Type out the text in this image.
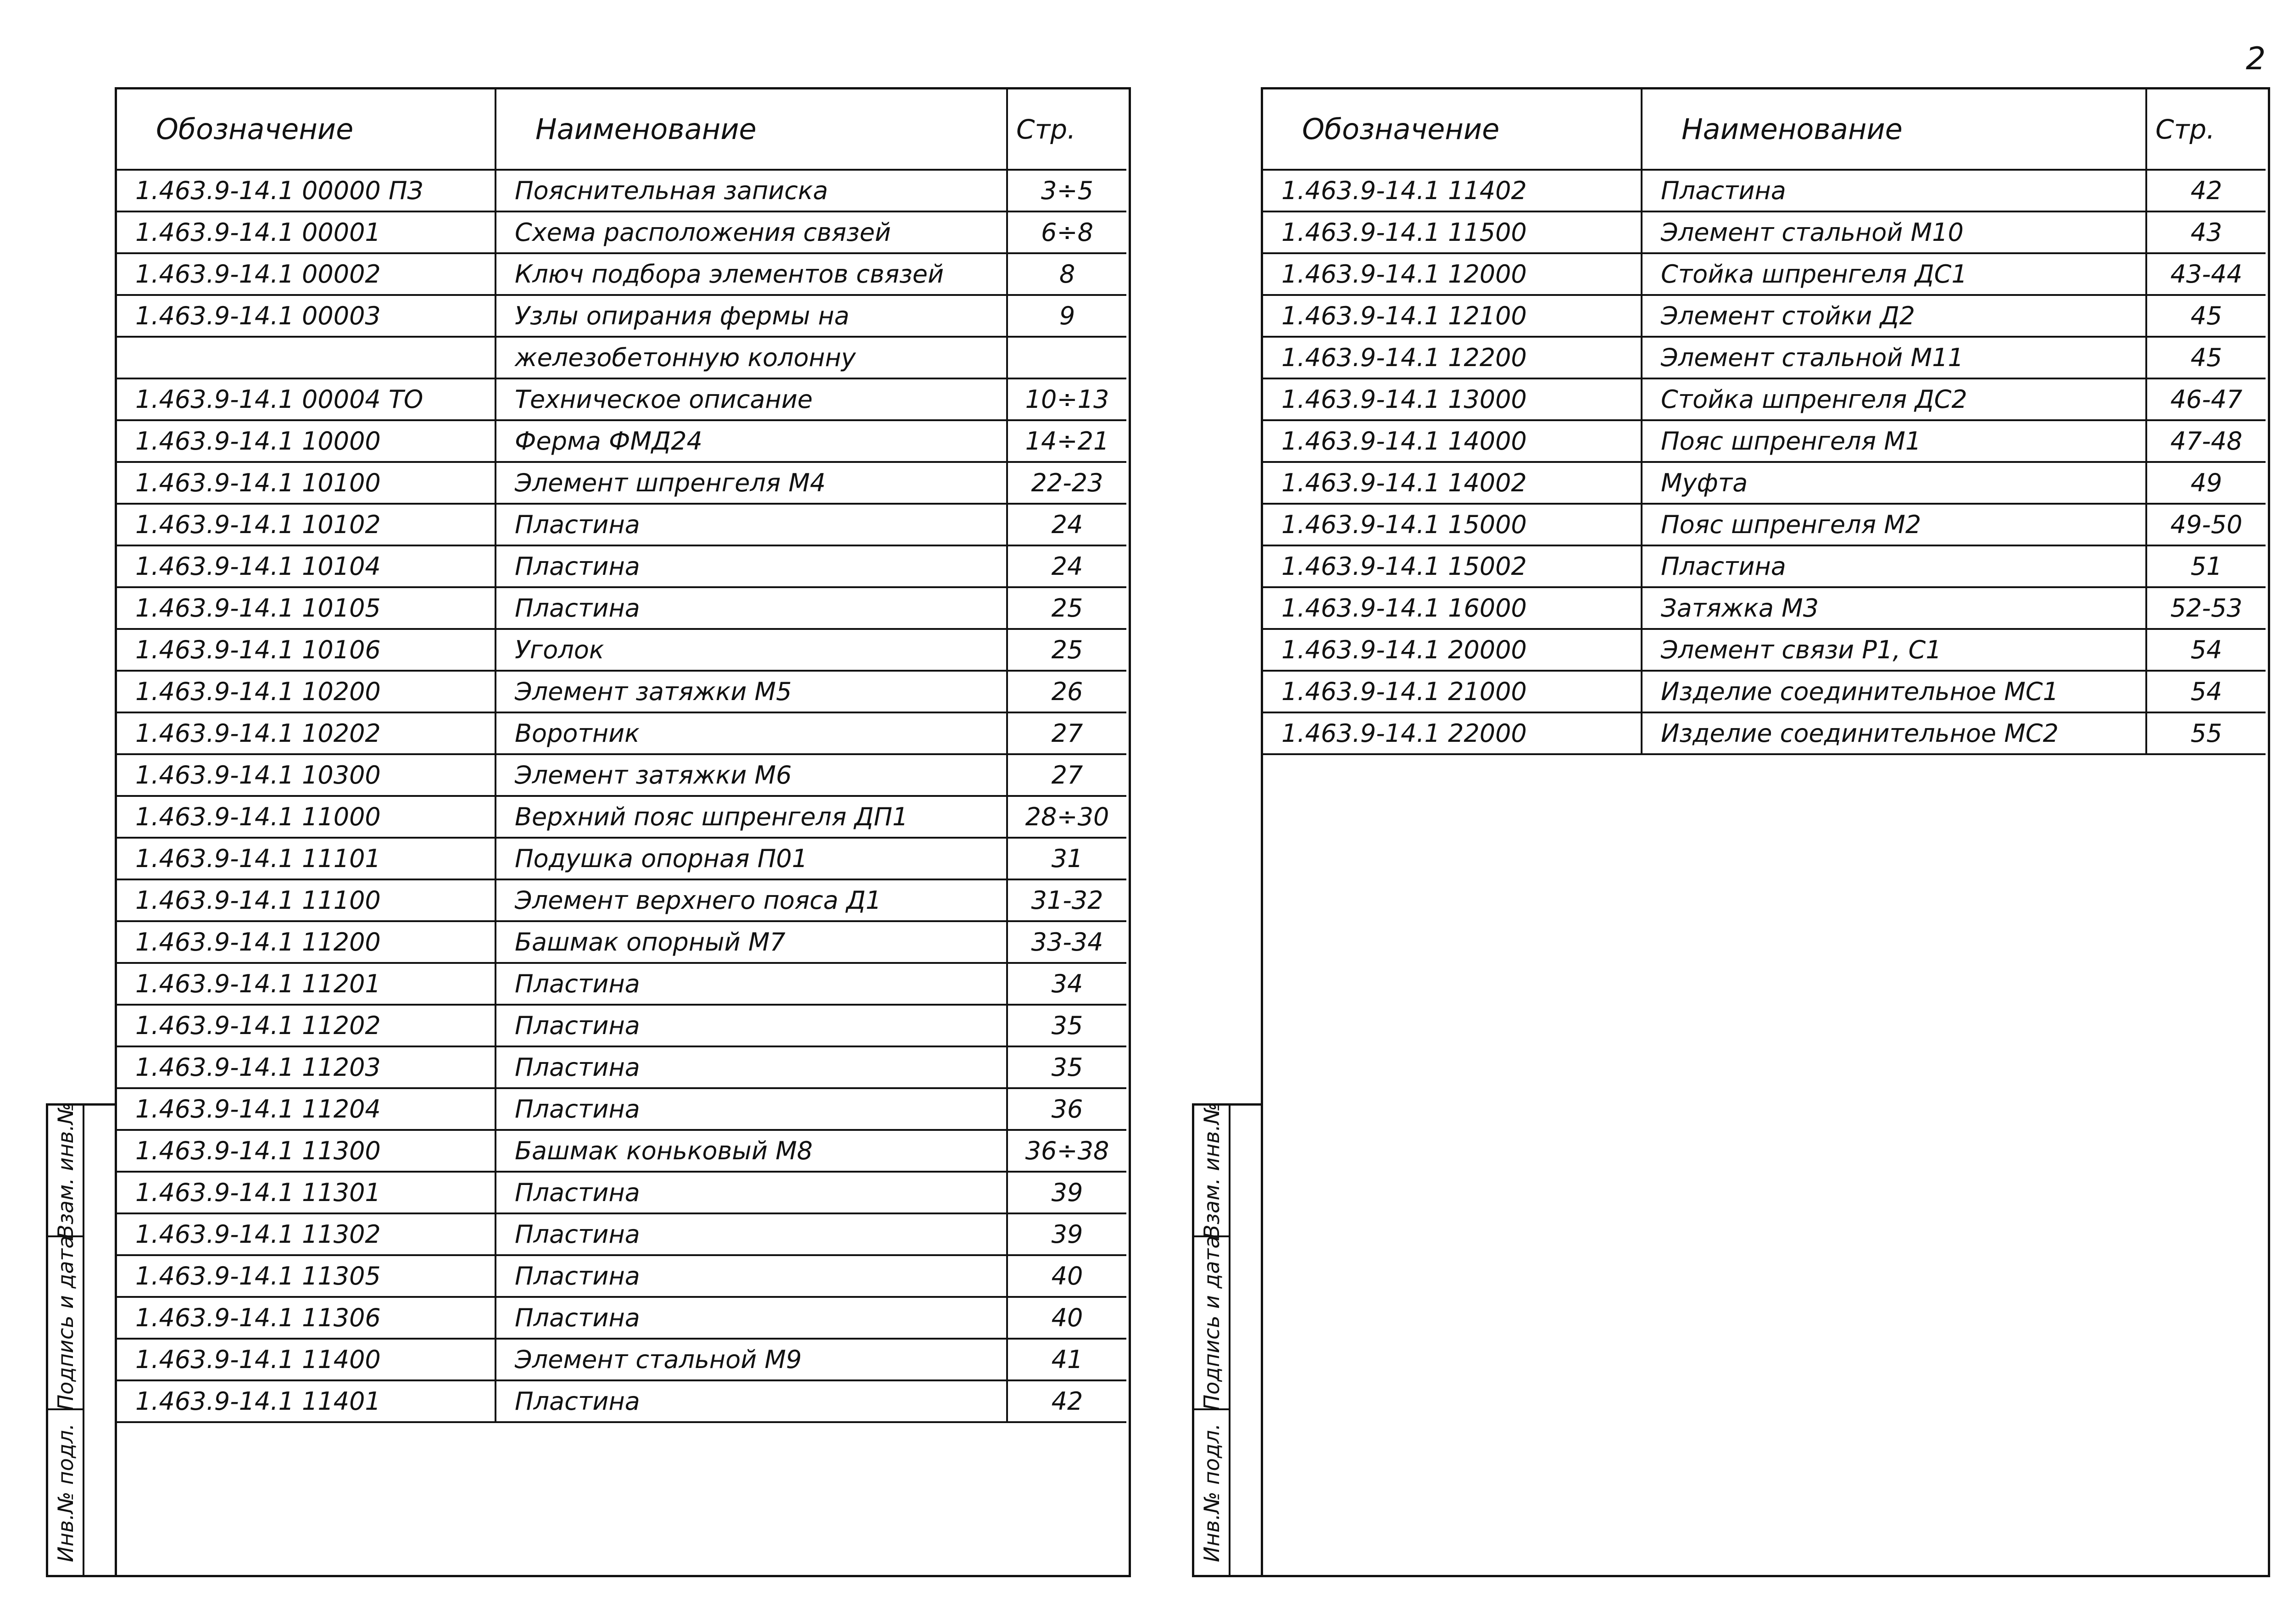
2
Обозначение	Наименование	Стр.
1.463.9-14.1 00000 ПЗ	Пояснительная записка	3÷5
1.463.9-14.1 00001	Схема расположения связей	6÷8
1.463.9-14.1 00002	Ключ подбора элементов связей	8
1.463.9-14.1 00003	Узлы опирания фермы на	9
	железобетонную колонну	
1.463.9-14.1 00004 ТО	Техническое описание	10÷13
1.463.9-14.1 10000	Ферма ФМД24	14÷21
1.463.9-14.1 10100	Элемент шпренгеля М4	22-23
1.463.9-14.1 10102	Пластина	24
1.463.9-14.1 10104	Пластина	24
1.463.9-14.1 10105	Пластина	25
1.463.9-14.1 10106	Уголок	25
1.463.9-14.1 10200	Элемент затяжки М5	26
1.463.9-14.1 10202	Воротник	27
1.463.9-14.1 10300	Элемент затяжки М6	27
1.463.9-14.1 11000	Верхний пояс шпренгеля ДП1	28÷30
1.463.9-14.1 11101	Подушка опорная П01	31
1.463.9-14.1 11100	Элемент верхнего пояса Д1	31-32
1.463.9-14.1 11200	Башмак опорный М7	33-34
1.463.9-14.1 11201	Пластина	34
1.463.9-14.1 11202	Пластина	35
1.463.9-14.1 11203	Пластина	35
1.463.9-14.1 11204	Пластина	36
1.463.9-14.1 11300	Башмак коньковый М8	36÷38
1.463.9-14.1 11301	Пластина	39
1.463.9-14.1 11302	Пластина	39
1.463.9-14.1 11305	Пластина	40
1.463.9-14.1 11306	Пластина	40
1.463.9-14.1 11400	Элемент стальной М9	41
1.463.9-14.1 11401	Пластина	42
Обозначение	Наименование	Стр.
1.463.9-14.1 11402	Пластина	42
1.463.9-14.1 11500	Элемент стальной М10	43
1.463.9-14.1 12000	Стойка шпренгеля ДС1	43-44
1.463.9-14.1 12100	Элемент стойки Д2	45
1.463.9-14.1 12200	Элемент стальной М11	45
1.463.9-14.1 13000	Стойка шпренгеля ДС2	46-47
1.463.9-14.1 14000	Пояс шпренгеля М1	47-48
1.463.9-14.1 14002	Муфта	49
1.463.9-14.1 15000	Пояс шпренгеля М2	49-50
1.463.9-14.1 15002	Пластина	51
1.463.9-14.1 16000	Затяжка М3	52-53
1.463.9-14.1 20000	Элемент связи Р1, С1	54
1.463.9-14.1 21000	Изделие соединительное МС1	54
1.463.9-14.1 22000	Изделие соединительное МС2	55
Взам. инв.№
Подпись и дата
Инв.№ подл.
Взам. инв.№
Подпись и дата
Инв.№ подл.
